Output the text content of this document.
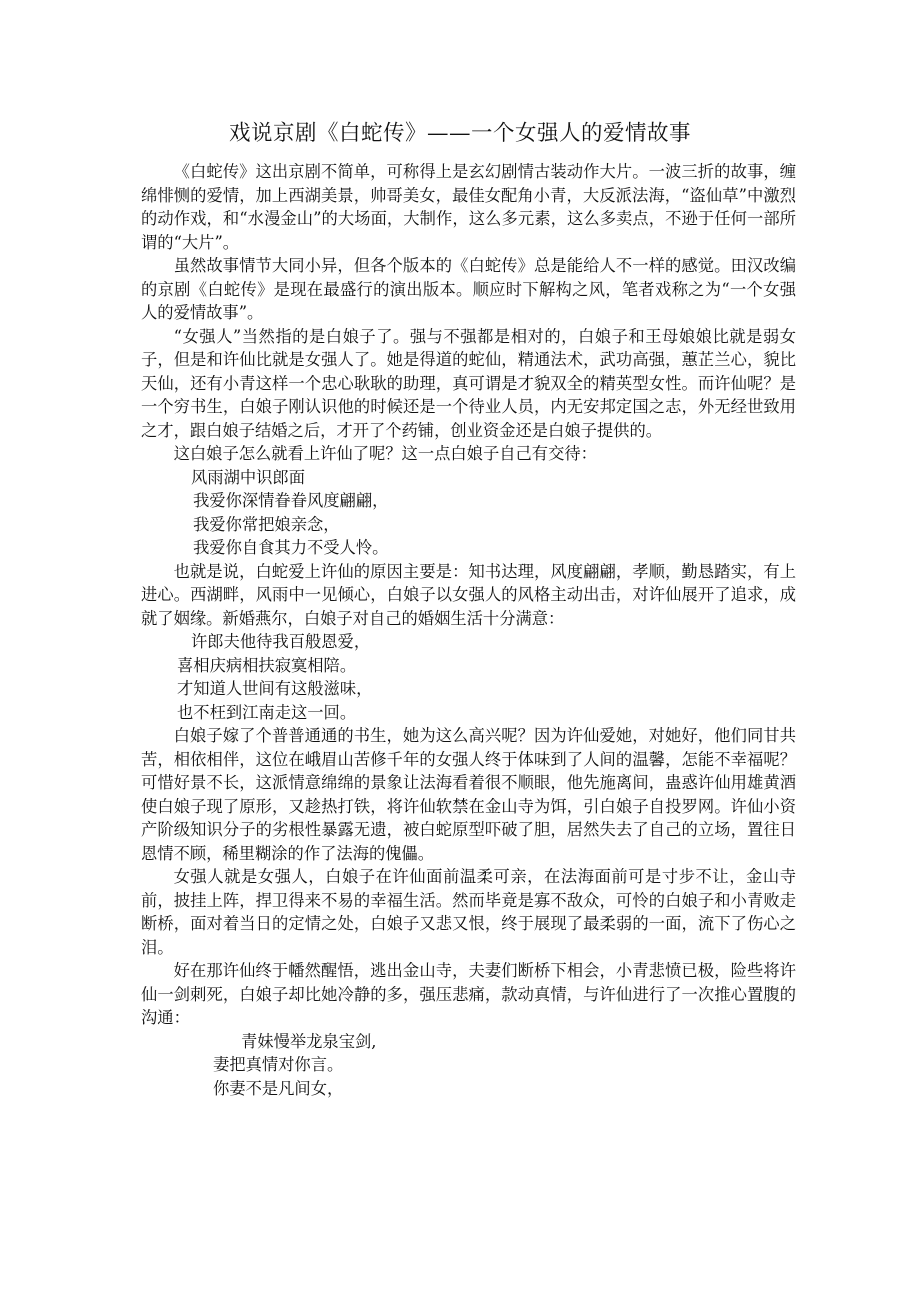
戏说京剧《白蛇传》——一个女强人的爱情故事

《白蛇传》这出京剧不简单，可称得上是玄幻剧情古装动作大片。一波三折的故事，缠绵悱恻的爱情，加上西湖美景，帅哥美女，最佳女配角小青，大反派法海，“盗仙草”中激烈的动作戏，和“水漫金山”的大场面，大制作，这么多元素，这么多卖点，不逊于任何一部所谓的“大片”。

虽然故事情节大同小异，但各个版本的《白蛇传》总是能给人不一样的感觉。田汉改编的京剧《白蛇传》是现在最盛行的演出版本。顺应时下解构之风，笔者戏称之为“一个女强人的爱情故事”。

“女强人”当然指的是白娘子了。强与不强都是相对的，白娘子和王母娘娘比就是弱女子，但是和许仙比就是女强人了。她是得道的蛇仙，精通法术，武功高强，蕙芷兰心，貌比天仙，还有小青这样一个忠心耿耿的助理，真可谓是才貌双全的精英型女性。而许仙呢？是一个穷书生，白娘子刚认识他的时候还是一个待业人员，内无安邦定国之志，外无经世致用之才，跟白娘子结婚之后，才开了个药铺，创业资金还是白娘子提供的。

这白娘子怎么就看上许仙了呢？这一点白娘子自己有交待：

风雨湖中识郎面

我爱你深情眷眷风度翩翩，

我爱你常把娘亲念，

我爱你自食其力不受人怜。

也就是说，白蛇爱上许仙的原因主要是：知书达理，风度翩翩，孝顺，勤恳踏实，有上进心。西湖畔，风雨中一见倾心，白娘子以女强人的风格主动出击，对许仙展开了追求，成就了姻缘。新婚燕尔，白娘子对自己的婚姻生活十分满意：

许郎夫他待我百般恩爱，

喜相庆病相扶寂寞相陪。

才知道人世间有这般滋味，

也不枉到江南走这一回。

白娘子嫁了个普普通通的书生，她为这么高兴呢？因为许仙爱她，对她好，他们同甘共苦，相依相伴，这位在峨眉山苦修千年的女强人终于体味到了人间的温馨，怎能不幸福呢？可惜好景不长，这派情意绵绵的景象让法海看着很不顺眼，他先施离间，蛊惑许仙用雄黄酒使白娘子现了原形，又趁热打铁，将许仙软禁在金山寺为饵，引白娘子自投罗网。许仙小资产阶级知识分子的劣根性暴露无遗，被白蛇原型吓破了胆，居然失去了自己的立场，置往日恩情不顾，稀里糊涂的作了法海的傀儡。

女强人就是女强人，白娘子在许仙面前温柔可亲，在法海面前可是寸步不让，金山寺前，披挂上阵，捍卫得来不易的幸福生活。然而毕竟是寡不敌众，可怜的白娘子和小青败走断桥，面对着当日的定情之处，白娘子又悲又恨，终于展现了最柔弱的一面，流下了伤心之泪。

好在那许仙终于幡然醒悟，逃出金山寺，夫妻们断桥下相会，小青悲愤已极，险些将许仙一剑刺死，白娘子却比她冷静的多，强压悲痛，款动真情，与许仙进行了一次推心置腹的沟通：

青妹慢举龙泉宝剑,

妻把真情对你言。

你妻不是凡间女，
